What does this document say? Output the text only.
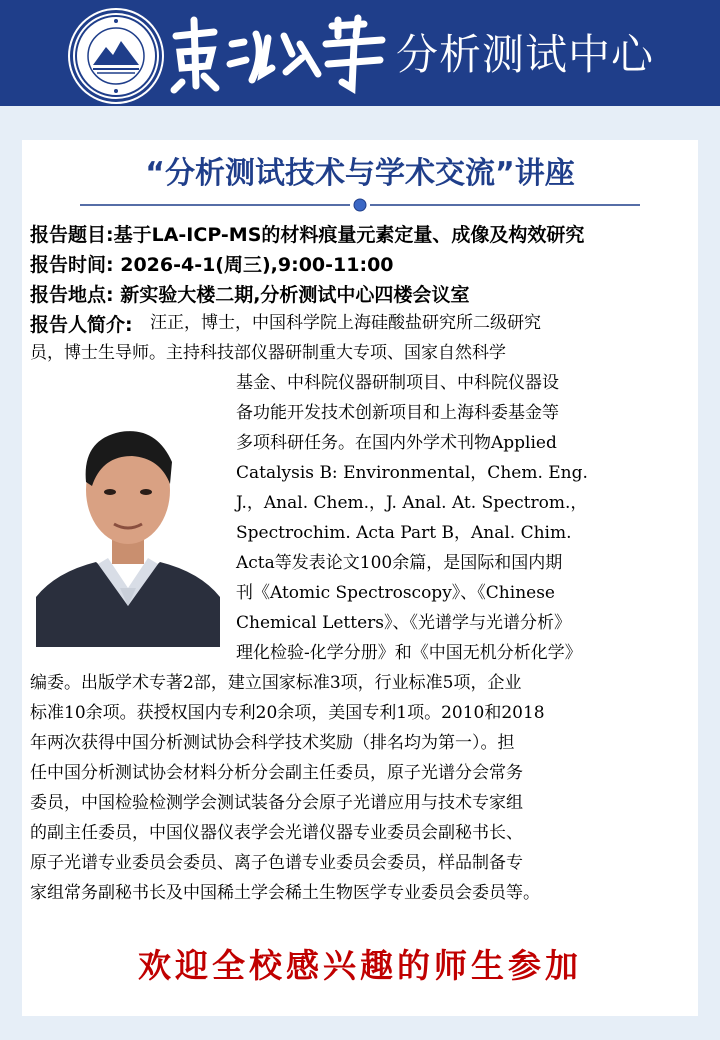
分析测试中心
“分析测试技术与学术交流”讲座
报告题目:基于LA-ICP-MS的材料痕量元素定量、成像及构效研究
报告时间: 2026-4-1(周三),9:00-11:00
报告地点: 新实验大楼二期,分析测试中心四楼会议室
报告人简介: 汪正，博士，中国科学院上海硅酸盐研究所二级研究
员，博士生导师。主持科技部仪器研制重大专项、国家自然科学
基金、中科院仪器研制项目、中科院仪器设
备功能开发技术创新项目和上海科委基金等
多项科研任务。在国内外学术刊物Applied
Catalysis B: Environmental，Chem. Eng.
J.，Anal. Chem.，J. Anal. At. Spectrom.，
Spectrochim. Acta Part B，Anal. Chim.
Acta等发表论文100余篇，是国际和国内期
刊《Atomic Spectroscopy》、《Chinese
Chemical Letters》、《光谱学与光谱分析》
理化检验-化学分册》和《中国无机分析化学》
编委。出版学术专著2部，建立国家标准3项，行业标准5项，企业
标准10余项。获授权国内专利20余项，美国专利1项。2010和2018
年两次获得中国分析测试协会科学技术奖励（排名均为第一）。担
任中国分析测试协会材料分析分会副主任委员，原子光谱分会常务
委员，中国检验检测学会测试装备分会原子光谱应用与技术专家组
的副主任委员，中国仪器仪表学会光谱仪器专业委员会副秘书长、
原子光谱专业委员会委员、离子色谱专业委员会委员，样品制备专
家组常务副秘书长及中国稀土学会稀土生物医学专业委员会委员等。
欢迎全校感兴趣的师生参加
